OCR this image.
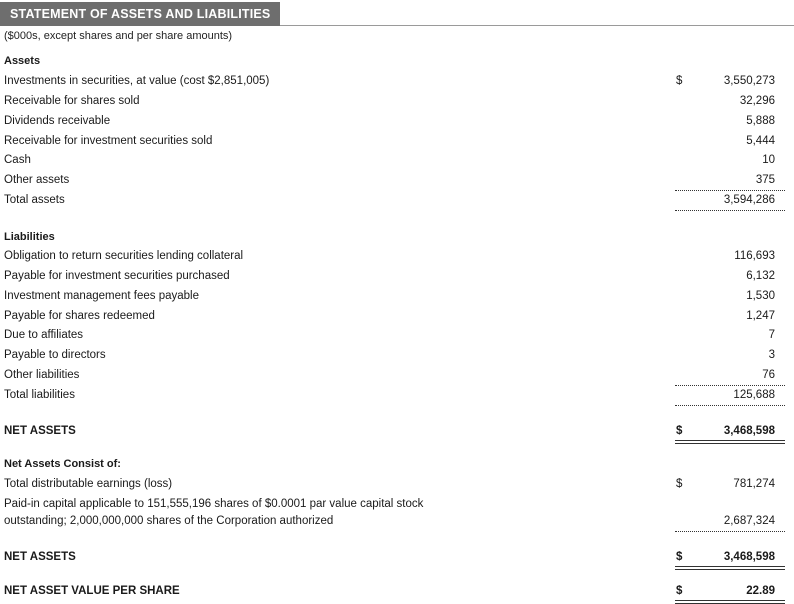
STATEMENT OF ASSETS AND LIABILITIES
($000s, except shares and per share amounts)
Assets
Investments in securities, at value (cost $2,851,005)	$	3,550,273
Receivable for shares sold	32,296
Dividends receivable	5,888
Receivable for investment securities sold	5,444
Cash	10
Other assets	375
Total assets	3,594,286
Liabilities
Obligation to return securities lending collateral	116,693
Payable for investment securities purchased	6,132
Investment management fees payable	1,530
Payable for shares redeemed	1,247
Due to affiliates	7
Payable to directors	3
Other liabilities	76
Total liabilities	125,688
NET ASSETS	$	3,468,598
Net Assets Consist of:
Total distributable earnings (loss)	$	781,274
Paid-in capital applicable to 151,555,196 shares of $0.0001 par value capital stock
outstanding; 2,000,000,000 shares of the Corporation authorized	2,687,324
NET ASSETS	$	3,468,598
NET ASSET VALUE PER SHARE	$	22.89
